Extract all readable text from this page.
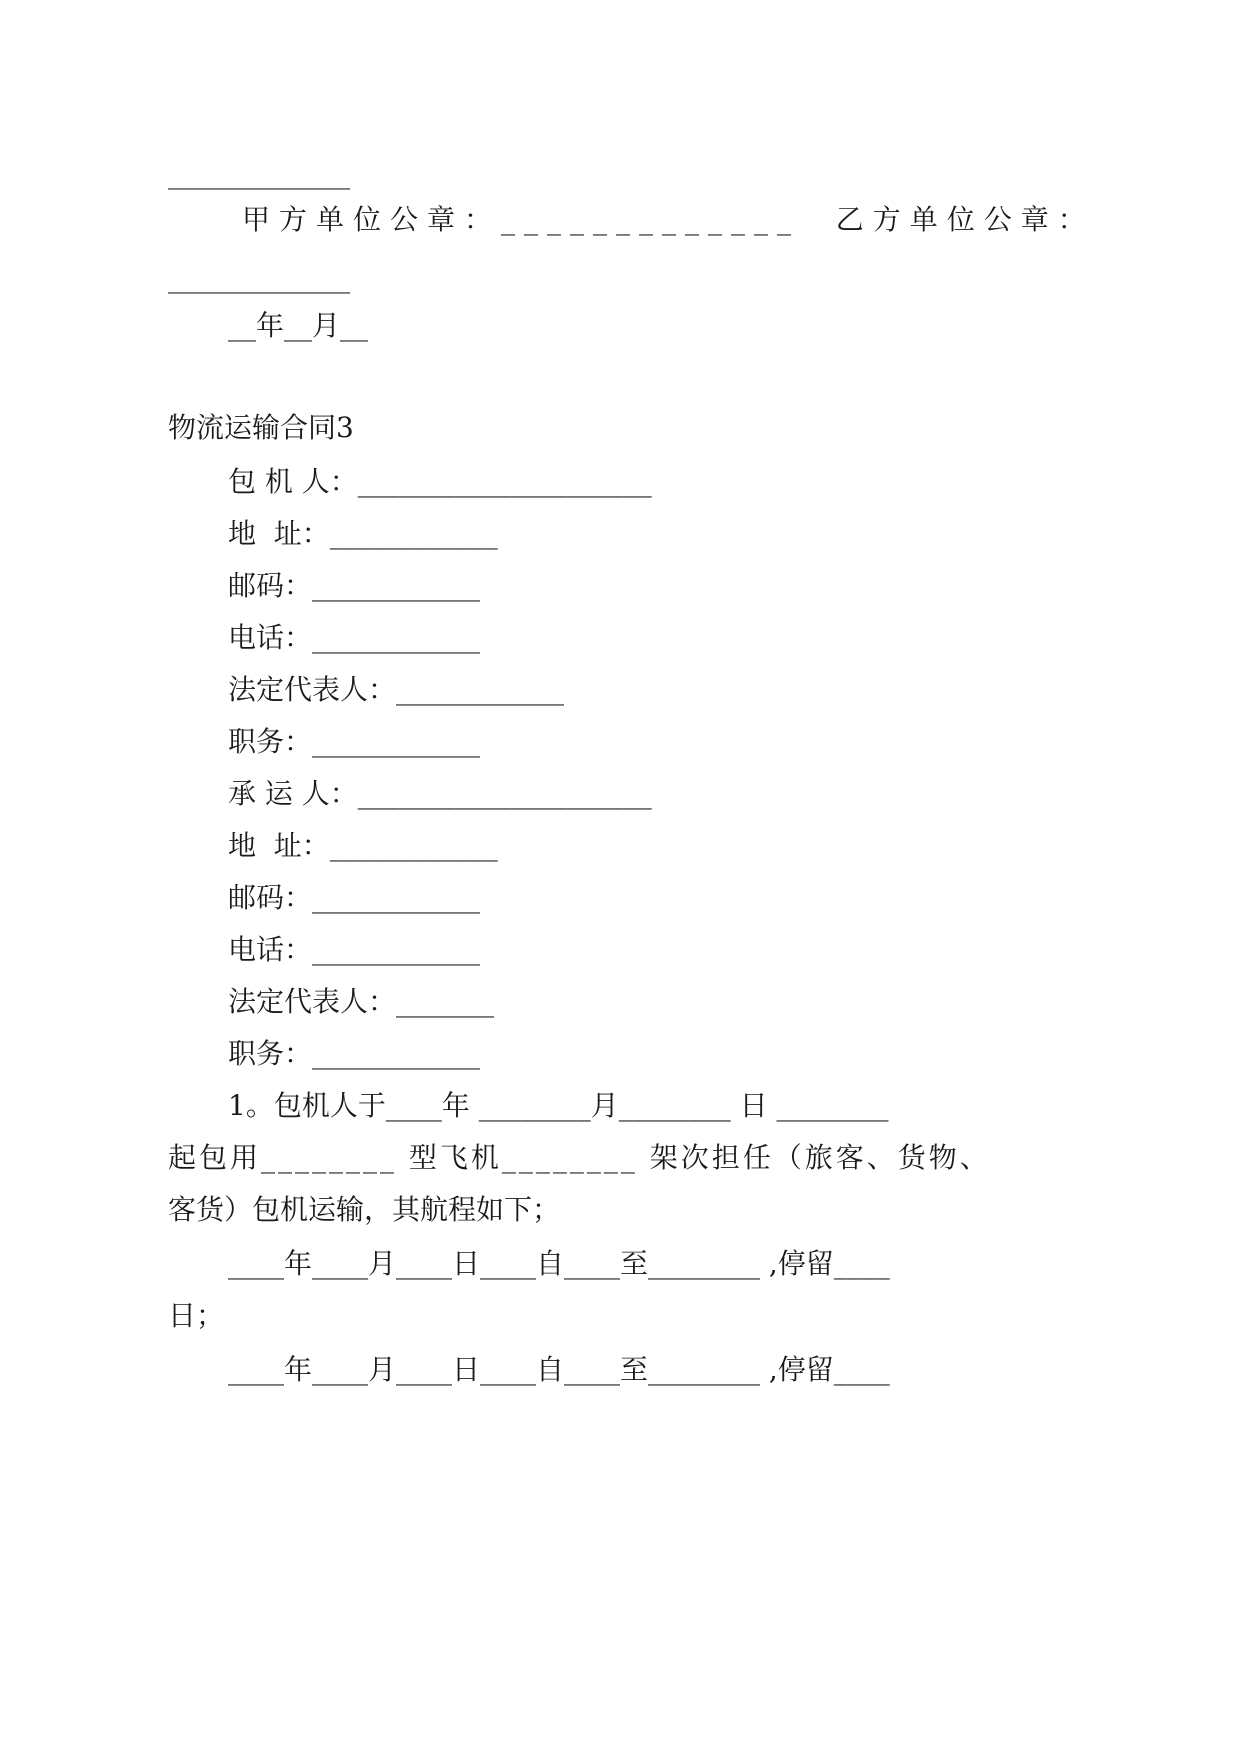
_____________

甲方单位公章：_____________  乙方单位公章：

_____________

__年__月__

物流运输合同3

包 机 人：_____________________

地  址：____________

邮码：____________

电话：____________

法定代表人：____________

职务：____________

承 运 人：_____________________

地  址：____________

邮码：____________

电话：____________

法定代表人：_______

职务：____________

1。包机人于____年 ________月________ 日 ________

起包用________ 型飞机________ 架次担任（旅客、货物、

客货）包机运输，其航程如下；

____年____月____日____自____至________ ,停留____

日；

____年____月____日____自____至________ ,停留____
